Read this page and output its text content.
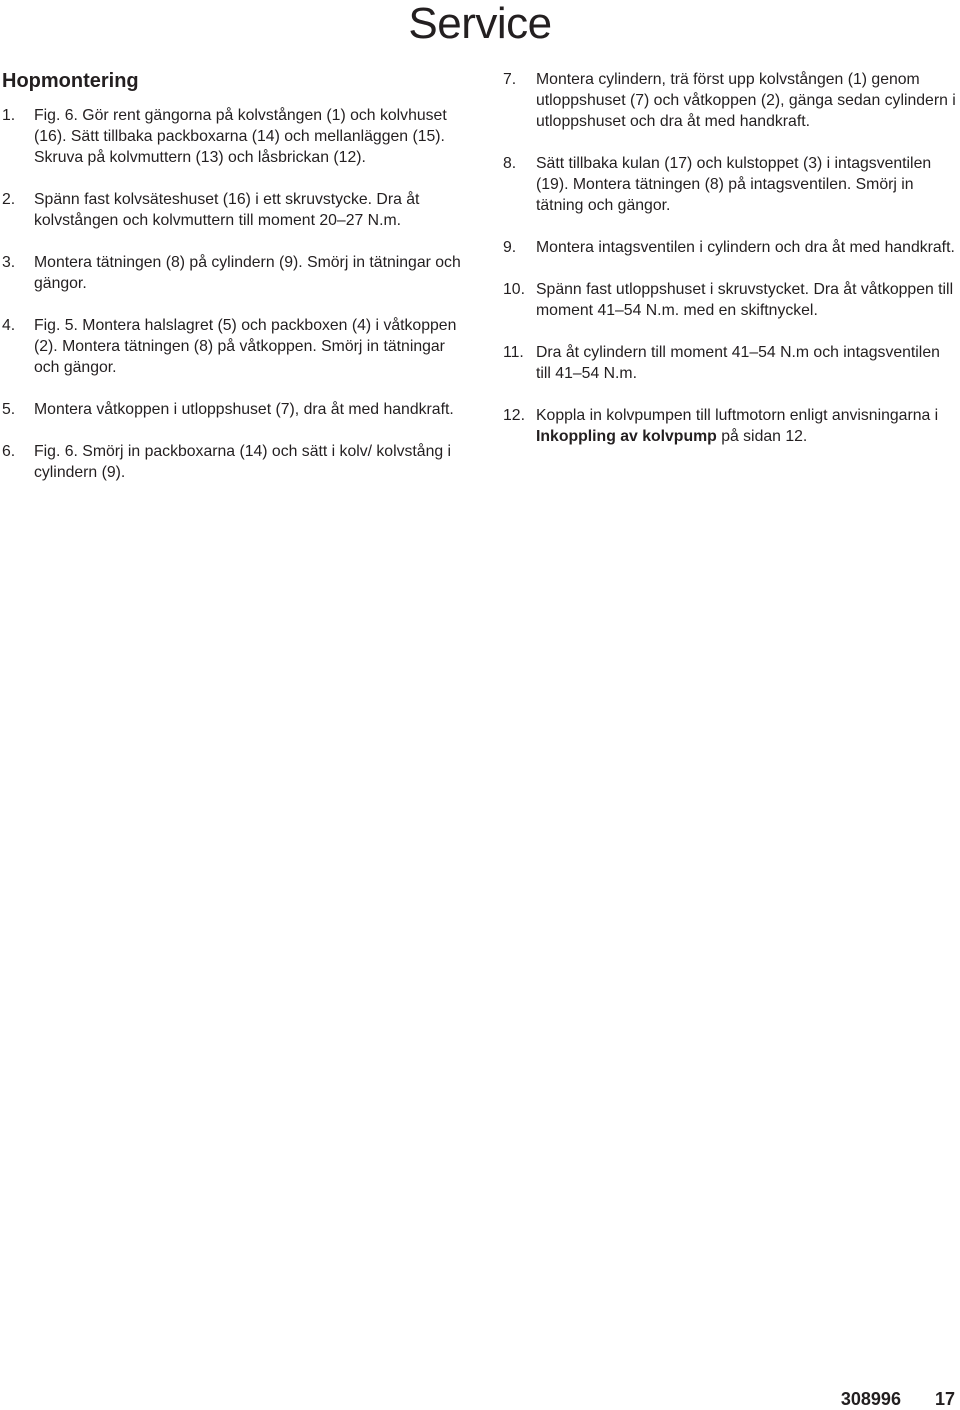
Service
Hopmontering
1.	Fig. 6. Gör rent gängorna på kolvstången (1) och kolvhuset (16). Sätt tillbaka packboxarna (14) och mellanläggen (15). Skruva på kolvmuttern (13) och låsbrickan (12).
2.	Spänn fast kolvsäteshuset (16) i ett skruvstycke. Dra åt kolvstången och kolvmuttern till moment 20–27 N.m.
3.	Montera tätningen (8) på cylindern (9). Smörj in tätningar och gängor.
4.	Fig. 5. Montera halslagret (5) och packboxen (4) i våtkoppen (2). Montera tätningen (8) på våtkoppen. Smörj in tätningar och gängor.
5.	Montera våtkoppen i utloppshuset (7), dra åt med handkraft.
6.	Fig. 6. Smörj in packboxarna (14) och sätt i kolv/ kolvstång i cylindern (9).
7.	Montera cylindern, trä först upp kolvstången (1) genom utloppshuset (7) och våtkoppen (2), gänga sedan cylindern i utloppshuset och dra åt med handkraft.
8.	Sätt tillbaka kulan (17) och kulstoppet (3) i intagsventilen (19). Montera tätningen (8) på intagsventilen. Smörj in tätning och gängor.
9.	Montera intagsventilen i cylindern och dra åt med handkraft.
10. Spänn fast utloppshuset i skruvstycket. Dra åt våtkoppen till moment 41–54 N.m. med en skiftnyckel.
11. Dra åt cylindern till moment 41–54 N.m och intagsventilen till 41–54 N.m.
12. Koppla in kolvpumpen till luftmotorn enligt anvisningarna i Inkoppling av kolvpump på sidan 12.
308996 17
